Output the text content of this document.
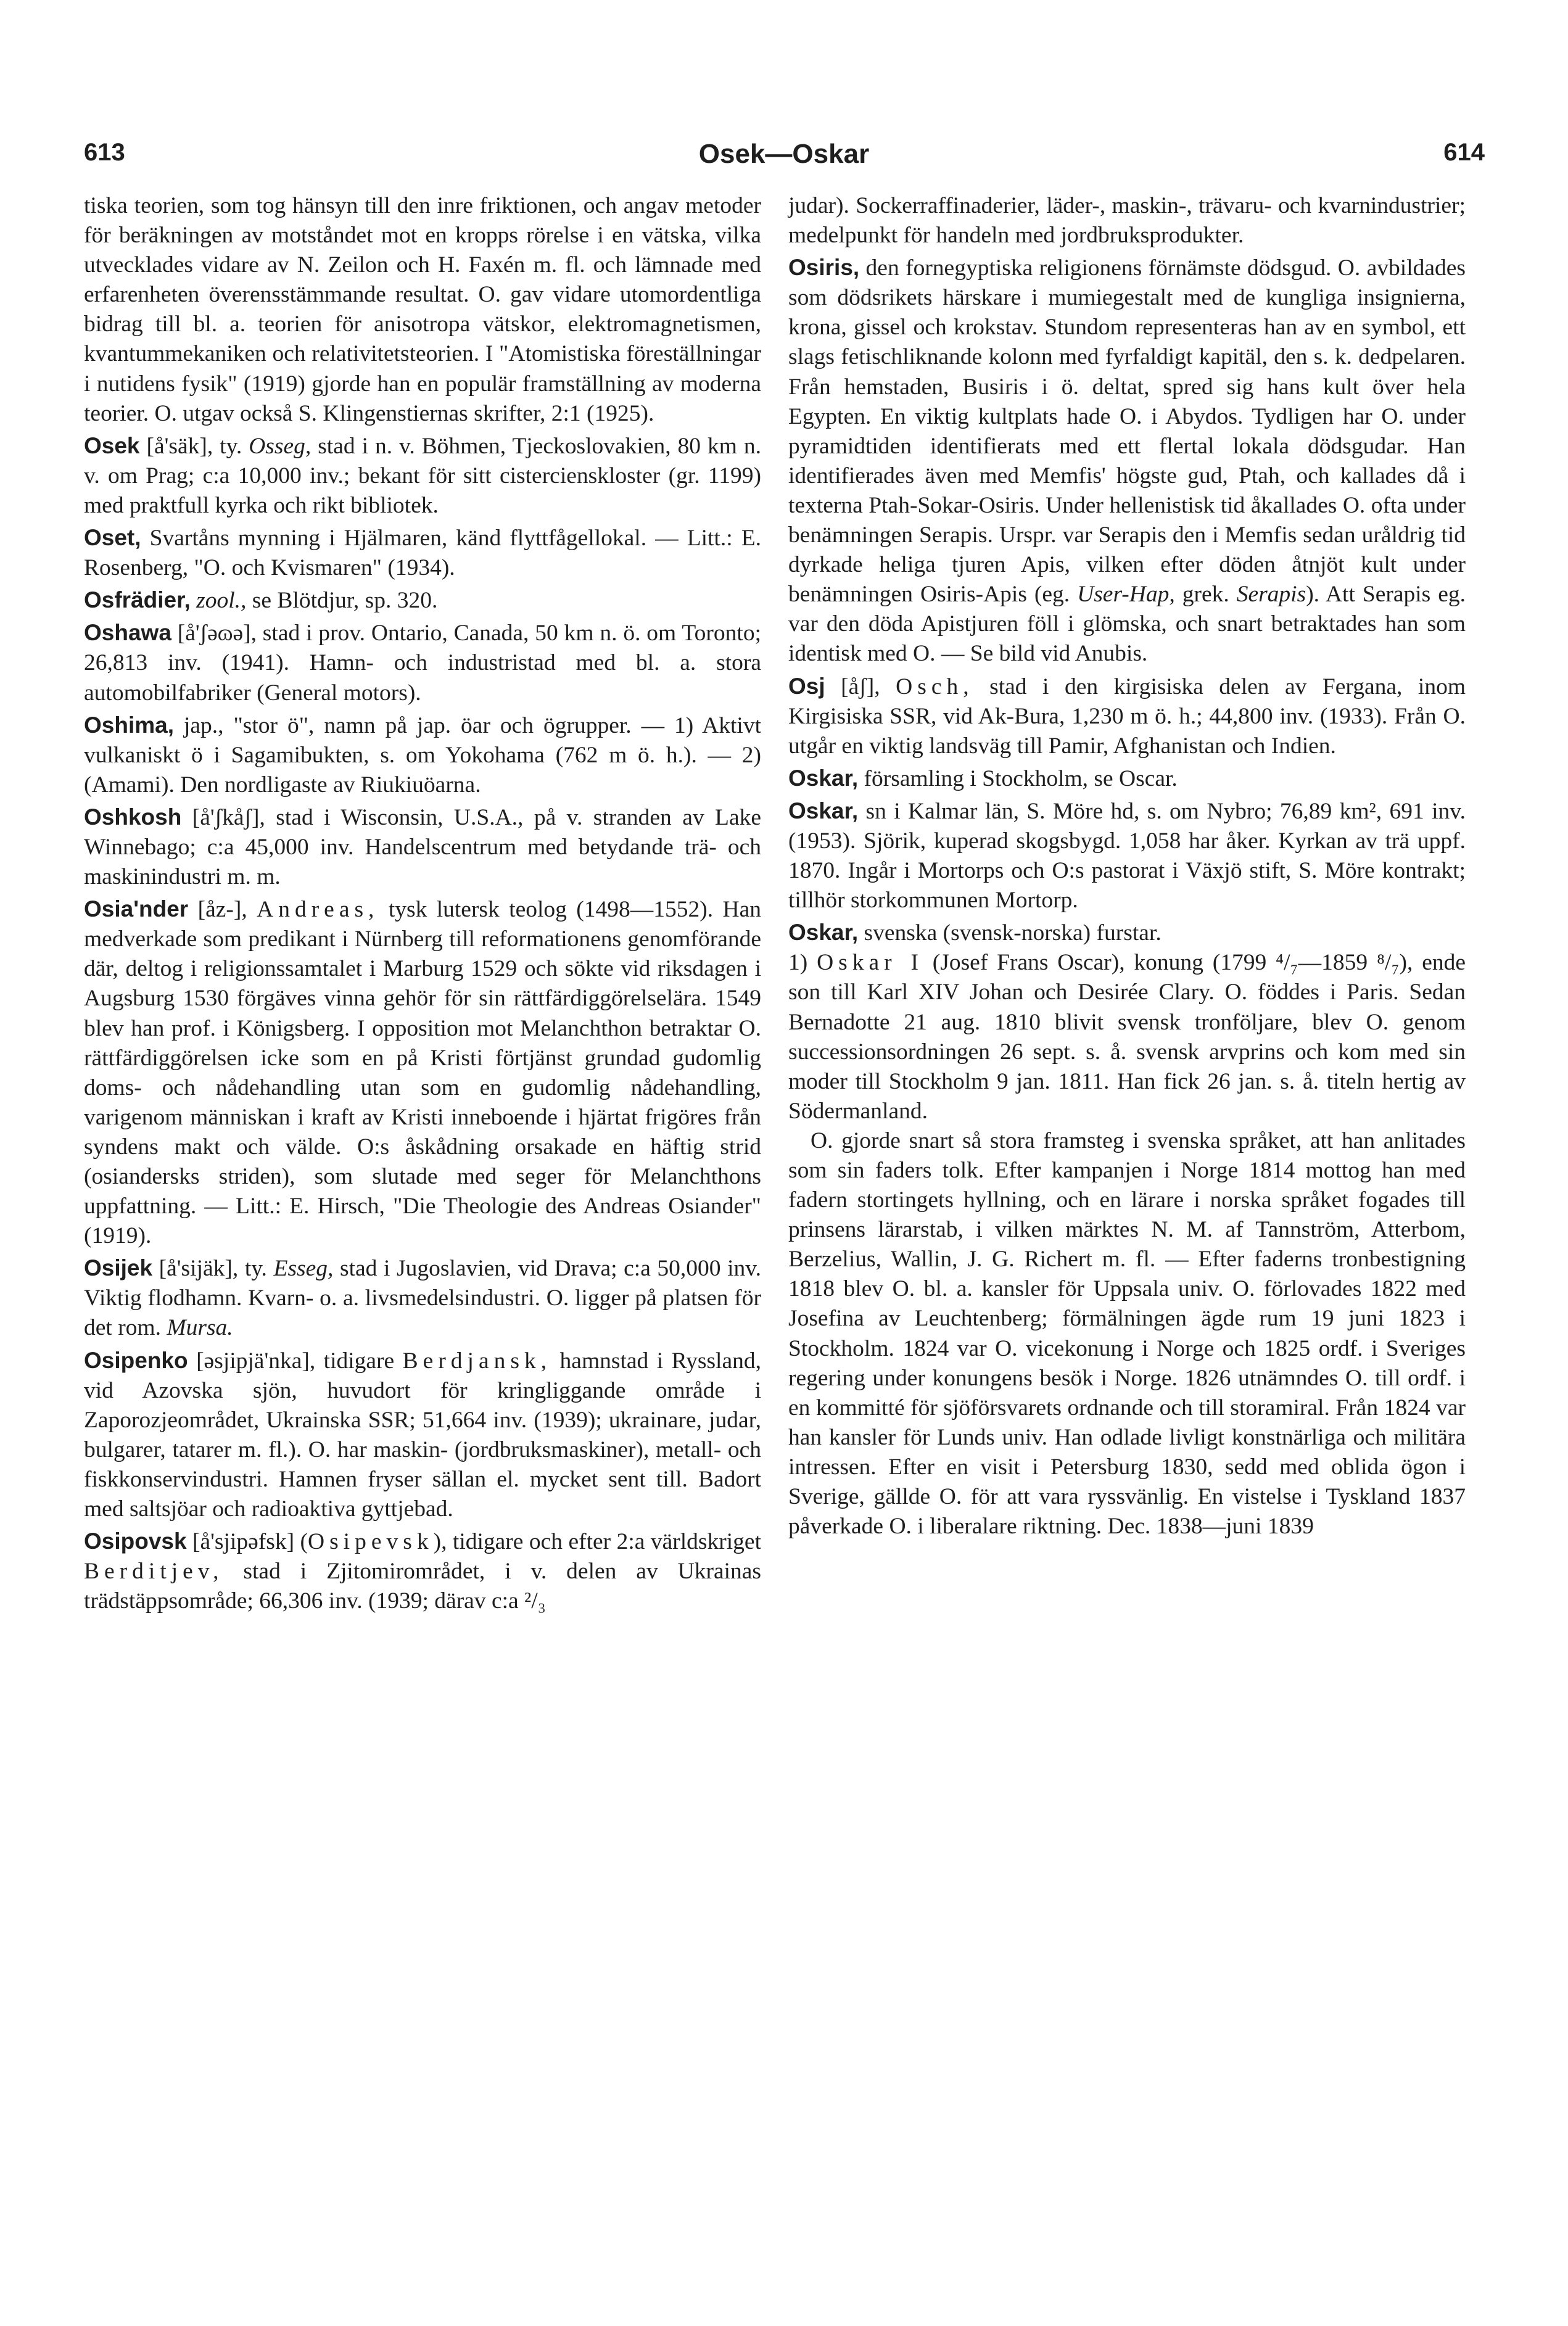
613	Osek—Oskar	614

tiska teorien, som tog hänsyn till den inre friktionen, och angav metoder för beräkningen av motståndet mot en kropps rörelse i en vätska, vilka utvecklades vidare av N. Zeilon och H. Faxén m. fl. och lämnade med erfarenheten överensstämmande resultat. O. gav vidare utomordentliga bidrag till bl. a. teorien för anisotropa vätskor, elektromagnetismen, kvantummekaniken och relativitetsteorien. I "Atomistiska föreställningar i nutidens fysik" (1919) gjorde han en populär framställning av moderna teorier. O. utgav också S. Klingenstiernas skrifter, 2:1 (1925).

Osek [å'säk], ty. Osseg, stad i n. v. Böhmen, Tjeckoslovakien, 80 km n. v. om Prag; c:a 10,000 inv.; bekant för sitt cistercienskloster (gr. 1199) med praktfull kyrka och rikt bibliotek.

Oset, Svartåns mynning i Hjälmaren, känd flyttfågellokal. — Litt.: E. Rosenberg, "O. och Kvismaren" (1934).

Osfrädier, zool., se Blötdjur, sp. 320.

Oshawa [å'ʃəɷə], stad i prov. Ontario, Canada, 50 km n. ö. om Toronto; 26,813 inv. (1941). Hamn- och industristad med bl. a. stora automobilfabriker (General motors).

Oshima, jap., "stor ö", namn på jap. öar och ögrupper. — 1) Aktivt vulkaniskt ö i Sagamibukten, s. om Yokohama (762 m ö. h.). — 2) (Amami). Den nordligaste av Riukiuöarna.

Oshkosh [å'ʃkåʃ], stad i Wisconsin, U.S.A., på v. stranden av Lake Winnebago; c:a 45,000 inv. Handelscentrum med betydande trä- och maskinindustri m. m.

Osia'nder [åz-], Andreas, tysk lutersk teolog (1498—1552). Han medverkade som predikant i Nürnberg till reformationens genomförande där, deltog i religionssamtalet i Marburg 1529 och sökte vid riksdagen i Augsburg 1530 förgäves vinna gehör för sin rättfärdiggörelselära. 1549 blev han prof. i Königsberg. I opposition mot Melanchthon betraktar O. rättfärdiggörelsen icke som en på Kristi förtjänst grundad gudomlig doms- och nådehandling utan som en gudomlig nådehandling, varigenom människan i kraft av Kristi inneboende i hjärtat frigöres från syndens makt och välde. O:s åskådning orsakade en häftig strid (osiandersks striden), som slutade med seger för Melanchthons uppfattning. — Litt.: E. Hirsch, "Die Theologie des Andreas Osiander" (1919).

Osijek [å'sijäk], ty. Esseg, stad i Jugoslavien, vid Drava; c:a 50,000 inv. Viktig flodhamn. Kvarn- o. a. livsmedelsindustri. O. ligger på platsen för det rom. Mursa.

Osipenko [əsjipjä'nka], tidigare Berdjansk, hamnstad i Ryssland, vid Azovska sjön, huvudort för kringliggande område i Zaporozjeområdet, Ukrainska SSR; 51,664 inv. (1939); ukrainare, judar, bulgarer, tatarer m. fl.). O. har maskin- (jordbruksmaskiner), metall- och fiskkonservindustri. Hamnen fryser sällan el. mycket sent till. Badort med saltsjöar och radioaktiva gyttjebad.

Osipovsk [å'sjipəfsk] (Osipevsk), tidigare och efter 2:a världskriget Berditjev, stad i Zjitomirområdet, i v. delen av Ukrainas trädstäppsområde; 66,306 inv. (1939; därav c:a ²/₃

judar). Sockerraffinaderier, läder-, maskin-, trävaru- och kvarnindustrier; medelpunkt för handeln med jordbruksprodukter.

Osiris, den fornegyptiska religionens förnämste dödsgud. O. avbildades som dödsrikets härskare i mumiegestalt med de kungliga insignierna, krona, gissel och krokstav. Stundom representeras han av en symbol, ett slags fetischliknande kolonn med fyrfaldigt kapitäl, den s. k. dedpelaren. Från hemstaden, Busiris i ö. deltat, spred sig hans kult över hela Egypten. En viktig kultplats hade O. i Abydos. Tydligen har O. under pyramidtiden identifierats med ett flertal lokala dödsgudar. Han identifierades även med Memfis' högste gud, Ptah, och kallades då i texterna Ptah-Sokar-Osiris. Under hellenistisk tid åkallades O. ofta under benämningen Serapis. Urspr. var Serapis den i Memfis sedan uråldrig tid dyrkade heliga tjuren Apis, vilken efter döden åtnjöt kult under benämningen Osiris-Apis (eg. User-Hap, grek. Serapis). Att Serapis eg. var den döda Apistjuren föll i glömska, och snart betraktades han som identisk med O. — Se bild vid Anubis.

Osj [åʃ], Osch, stad i den kirgisiska delen av Fergana, inom Kirgisiska SSR, vid Ak-Bura, 1,230 m ö. h.; 44,800 inv. (1933). Från O. utgår en viktig landsväg till Pamir, Afghanistan och Indien.

Oskar, församling i Stockholm, se Oscar.

Oskar, sn i Kalmar län, S. Möre hd, s. om Nybro; 76,89 km², 691 inv. (1953). Sjörik, kuperad skogsbygd. 1,058 har åker. Kyrkan av trä uppf. 1870. Ingår i Mortorps och O:s pastorat i Växjö stift, S. Möre kontrakt; tillhör storkommunen Mortorp.

Oskar, svenska (svensk-norska) furstar.

1) Oskar I (Josef Frans Oscar), konung (1799 ⁴/₇—1859 ⁸/₇), ende son till Karl XIV Johan och Desirée Clary. O. föddes i Paris. Sedan Bernadotte 21 aug. 1810 blivit svensk tronföljare, blev O. genom successionsordningen 26 sept. s. å. svensk arvprins och kom med sin moder till Stockholm 9 jan. 1811. Han fick 26 jan. s. å. titeln hertig av Södermanland.

O. gjorde snart så stora framsteg i svenska språket, att han anlitades som sin faders tolk. Efter kampanjen i Norge 1814 mottog han med fadern stortingets hyllning, och en lärare i norska språket fogades till prinsens lärarstab, i vilken märktes N. M. af Tannström, Atterbom, Berzelius, Wallin, J. G. Richert m. fl. — Efter faderns tronbestigning 1818 blev O. bl. a. kansler för Uppsala univ. O. förlovades 1822 med Josefina av Leuchtenberg; förmälningen ägde rum 19 juni 1823 i Stockholm. 1824 var O. vicekonung i Norge och 1825 ordf. i Sveriges regering under konungens besök i Norge. 1826 utnämndes O. till ordf. i en kommitté för sjöförsvarets ordnande och till storamiral. Från 1824 var han kansler för Lunds univ. Han odlade livligt konstnärliga och militära intressen. Efter en visit i Petersburg 1830, sedd med oblida ögon i Sverige, gällde O. för att vara ryssvänlig. En vistelse i Tyskland 1837 påverkade O. i liberalare riktning. Dec. 1838—juni 1839
